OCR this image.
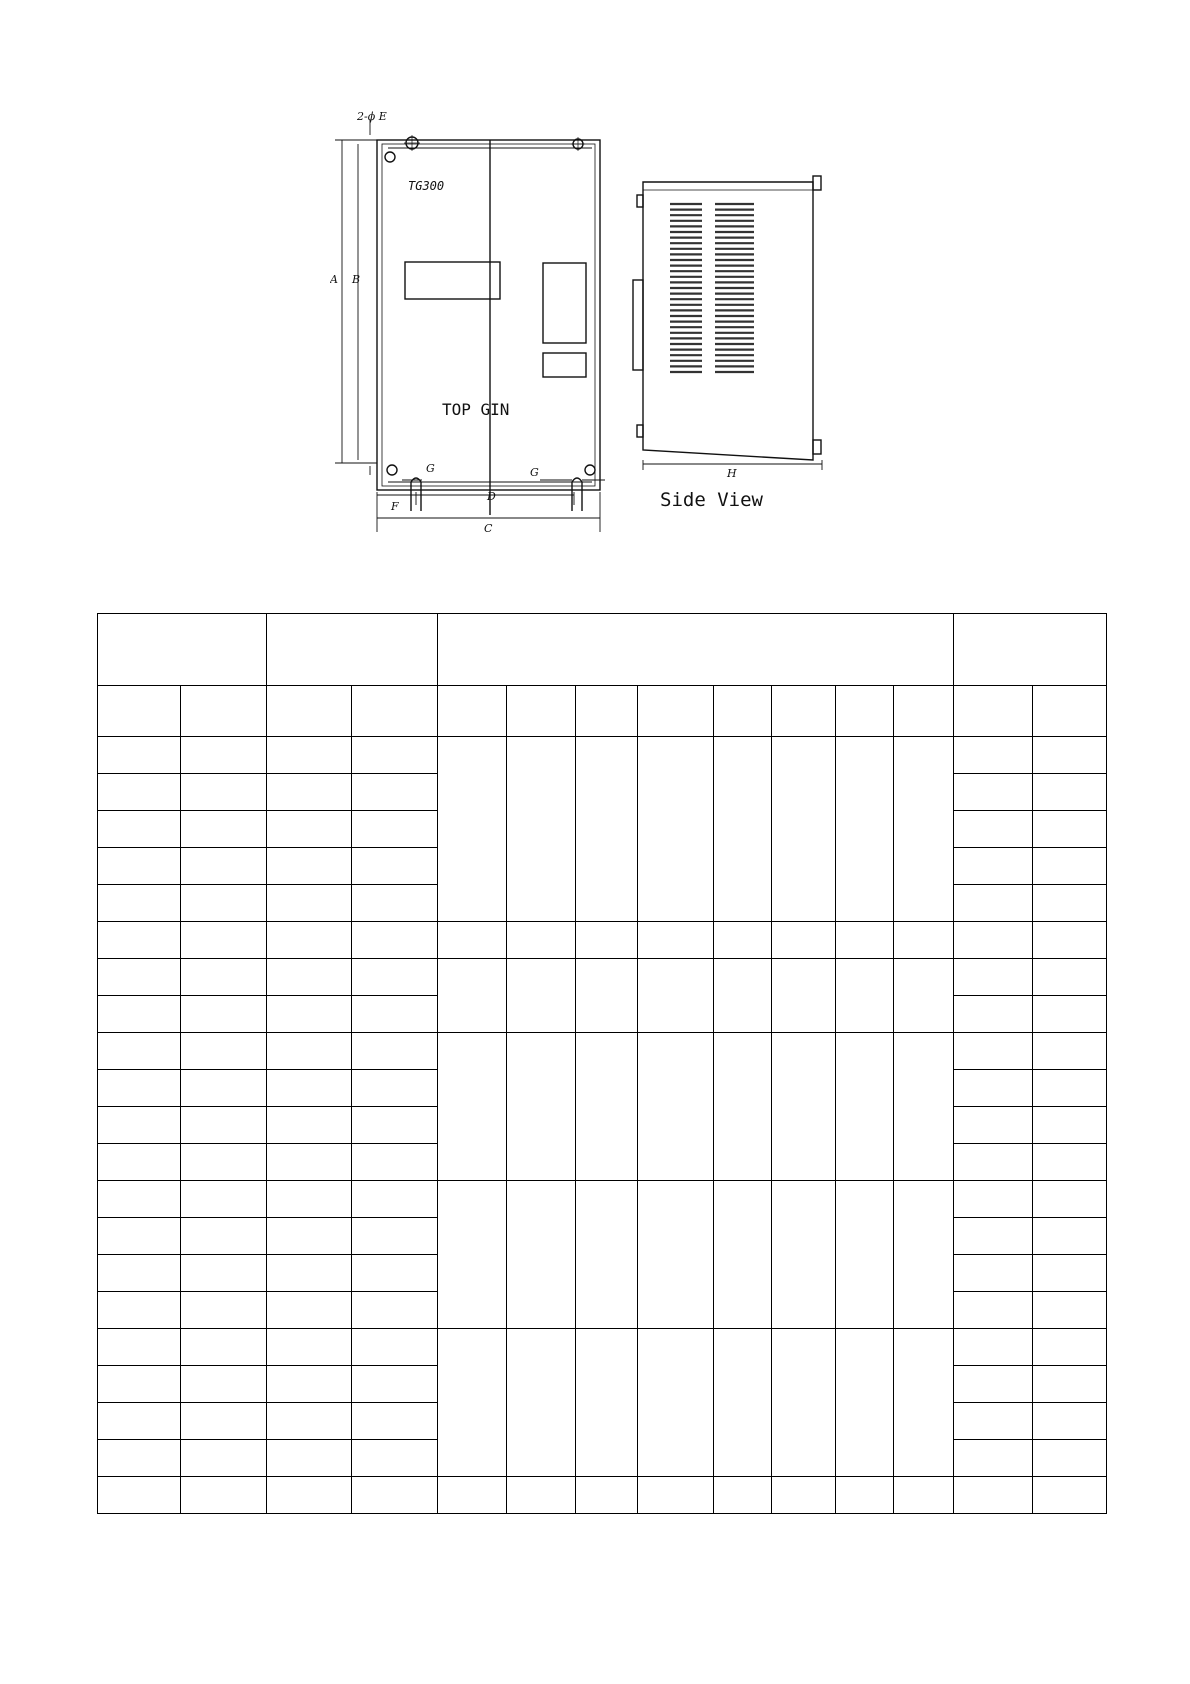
TG300
TOP GIN
2-ϕ E
A B
G	G
F
D
C
H
Side View
